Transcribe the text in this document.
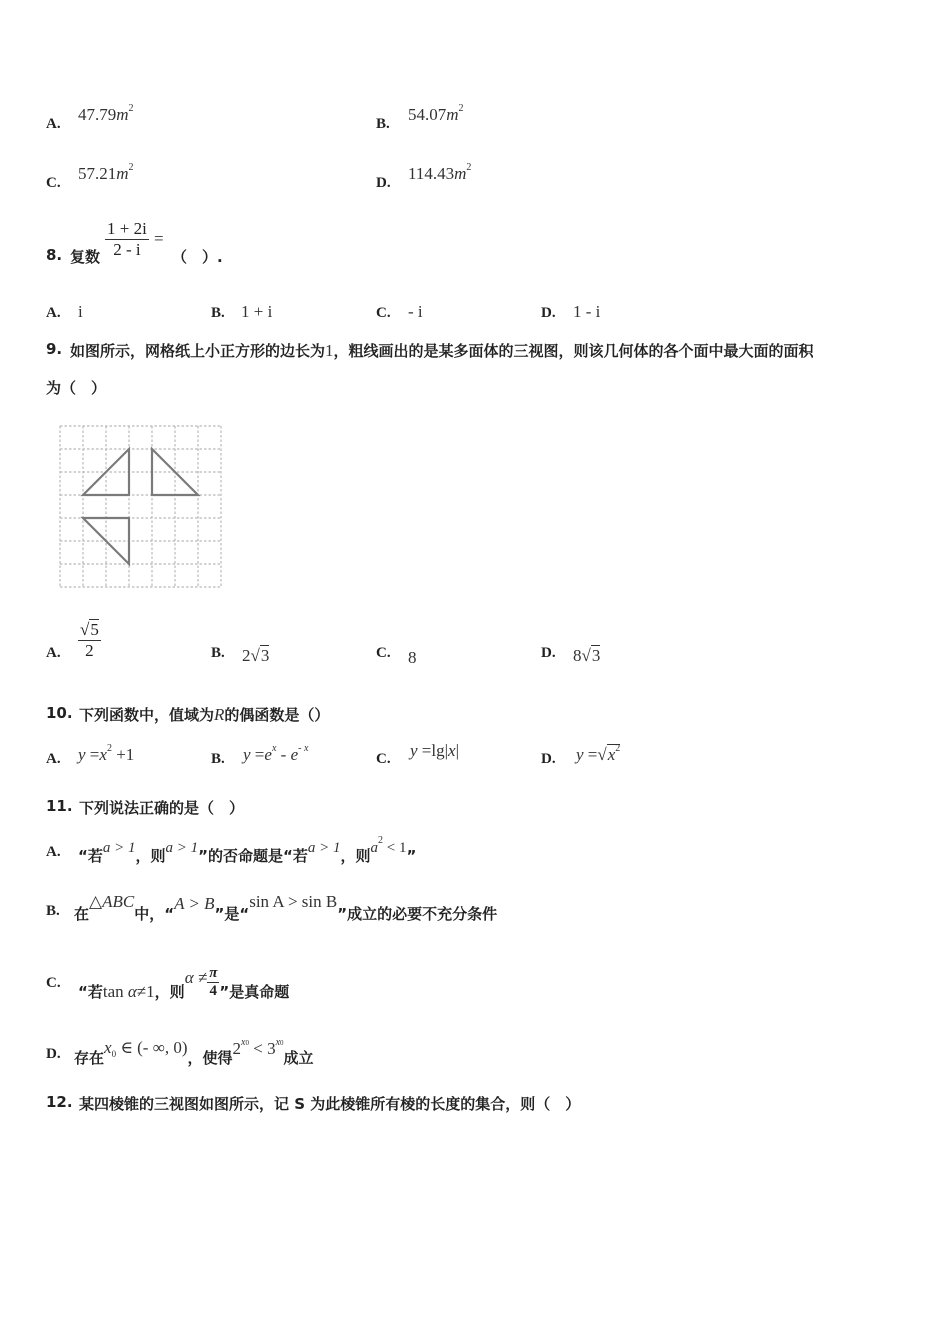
A. $47.79m^2$
B. $54.07m^2$
C. $57.21m^2$
D. $114.43m^2$
8. 复数 $\frac{1 + 2i}{2 - i}$ =
（　）.
A. i	B. 1 + i	C. - i	D. 1 - i
9. 如图所示，网格纸上小正方形的边长为1，粗线画出的是某多面体的三视图，则该几何体的各个面中最大面的面积
为（　）
A. $\frac{√5}{2}$	B. 2√3	C. 8	D. 8√3
10. 下列函数中，值域为R的偶函数是（）
A. $y =x^2 +1$	B. $y =e^x - e^{- x}$
C. y =lg|x|	D. $y =√x^2$
11. 下列说法正确的是（　）
A. “若a > 1，则a > 1”的否命题是“若a > 1，则$a^2 < 1$”
B. 在△ABC中，“A > B”是“sin A > sin B”成立的必要不充分条件
C. “若tan α≠1，则$\alpha \ne \frac{\pi}{4}$ ”是真命题
D. 存在$x_0$ ∈ (- ∞, 0)，使得$2^{x0} < 3^{x0}$成立
12. 某四棱锥的三视图如图所示，记 S 为此棱锥所有棱的长度的集合，则（　）
